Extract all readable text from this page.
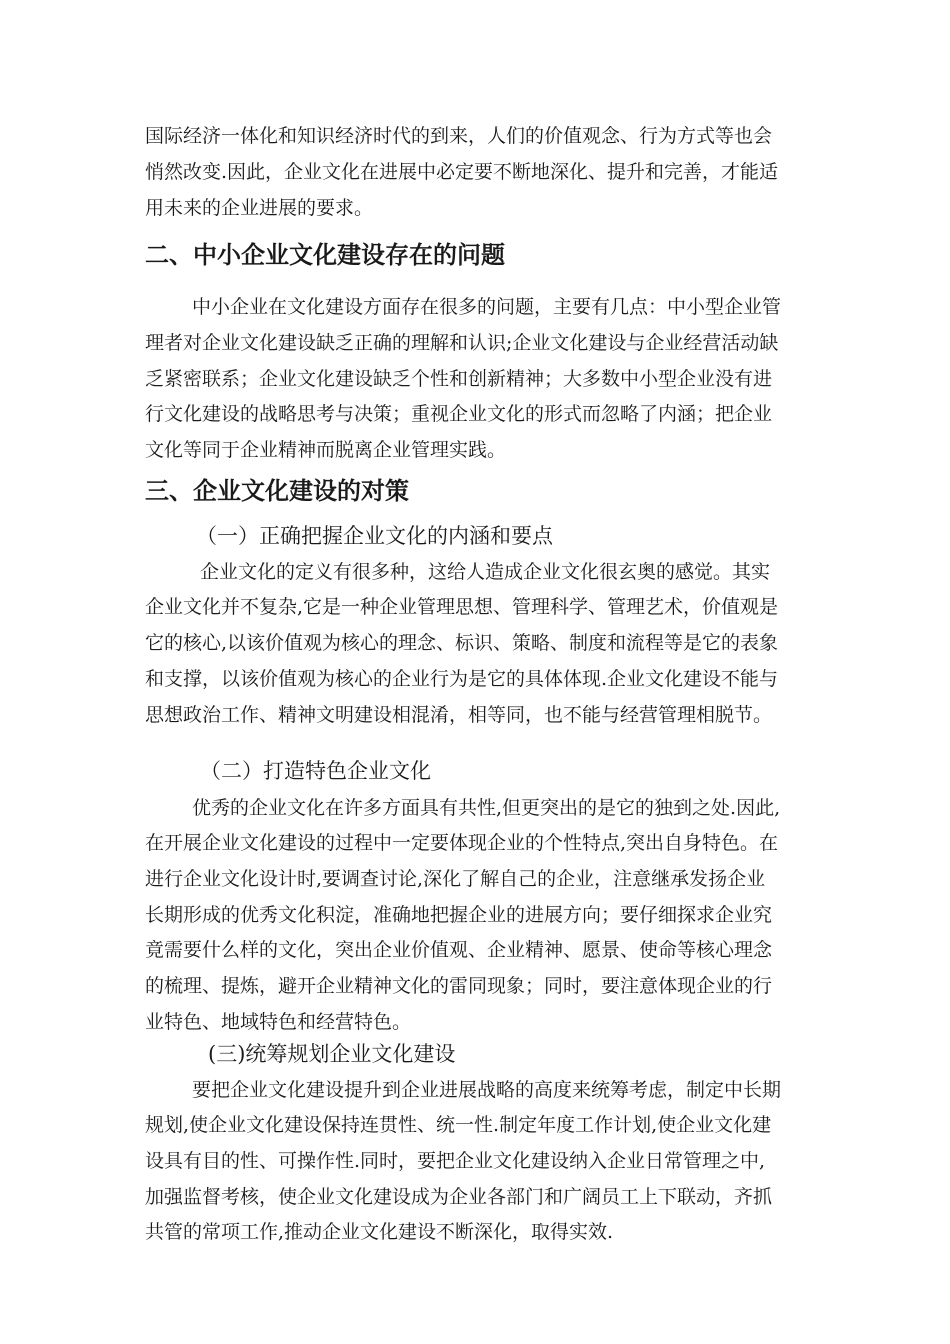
国际经济一体化和知识经济时代的到来，人们的价值观念、行为方式等也会
悄然改变.因此，企业文化在进展中必定要不断地深化、提升和完善，才能适
用未来的企业进展的要求。
二、中小企业文化建设存在的问题
中小企业在文化建设方面存在很多的问题，主要有几点：中小型企业管
理者对企业文化建设缺乏正确的理解和认识;企业文化建设与企业经营活动缺
乏紧密联系；企业文化建设缺乏个性和创新精神；大多数中小型企业没有进
行文化建设的战略思考与决策；重视企业文化的形式而忽略了内涵；把企业
文化等同于企业精神而脱离企业管理实践。
三、企业文化建设的对策
（一）正确把握企业文化的内涵和要点
企业文化的定义有很多种，这给人造成企业文化很玄奥的感觉。其实
企业文化并不复杂,它是一种企业管理思想、管理科学、管理艺术，价值观是
它的核心,以该价值观为核心的理念、标识、策略、制度和流程等是它的表象
和支撑，以该价值观为核心的企业行为是它的具体体现.企业文化建设不能与
思想政治工作、精神文明建设相混淆，相等同，也不能与经营管理相脱节。
（二）打造特色企业文化
优秀的企业文化在许多方面具有共性,但更突出的是它的独到之处.因此,
在开展企业文化建设的过程中一定要体现企业的个性特点,突出自身特色。在
进行企业文化设计时,要调查讨论,深化了解自己的企业，注意继承发扬企业
长期形成的优秀文化积淀，准确地把握企业的进展方向；要仔细探求企业究
竟需要什么样的文化，突出企业价值观、企业精神、愿景、使命等核心理念
的梳理、提炼，避开企业精神文化的雷同现象；同时，要注意体现企业的行
业特色、地域特色和经营特色。
(三)统筹规划企业文化建设
要把企业文化建设提升到企业进展战略的高度来统筹考虑，制定中长期
规划,使企业文化建设保持连贯性、统一性.制定年度工作计划,使企业文化建
设具有目的性、可操作性.同时，要把企业文化建设纳入企业日常管理之中,
加强监督考核，使企业文化建设成为企业各部门和广阔员工上下联动，齐抓
共管的常项工作,推动企业文化建设不断深化，取得实效.
